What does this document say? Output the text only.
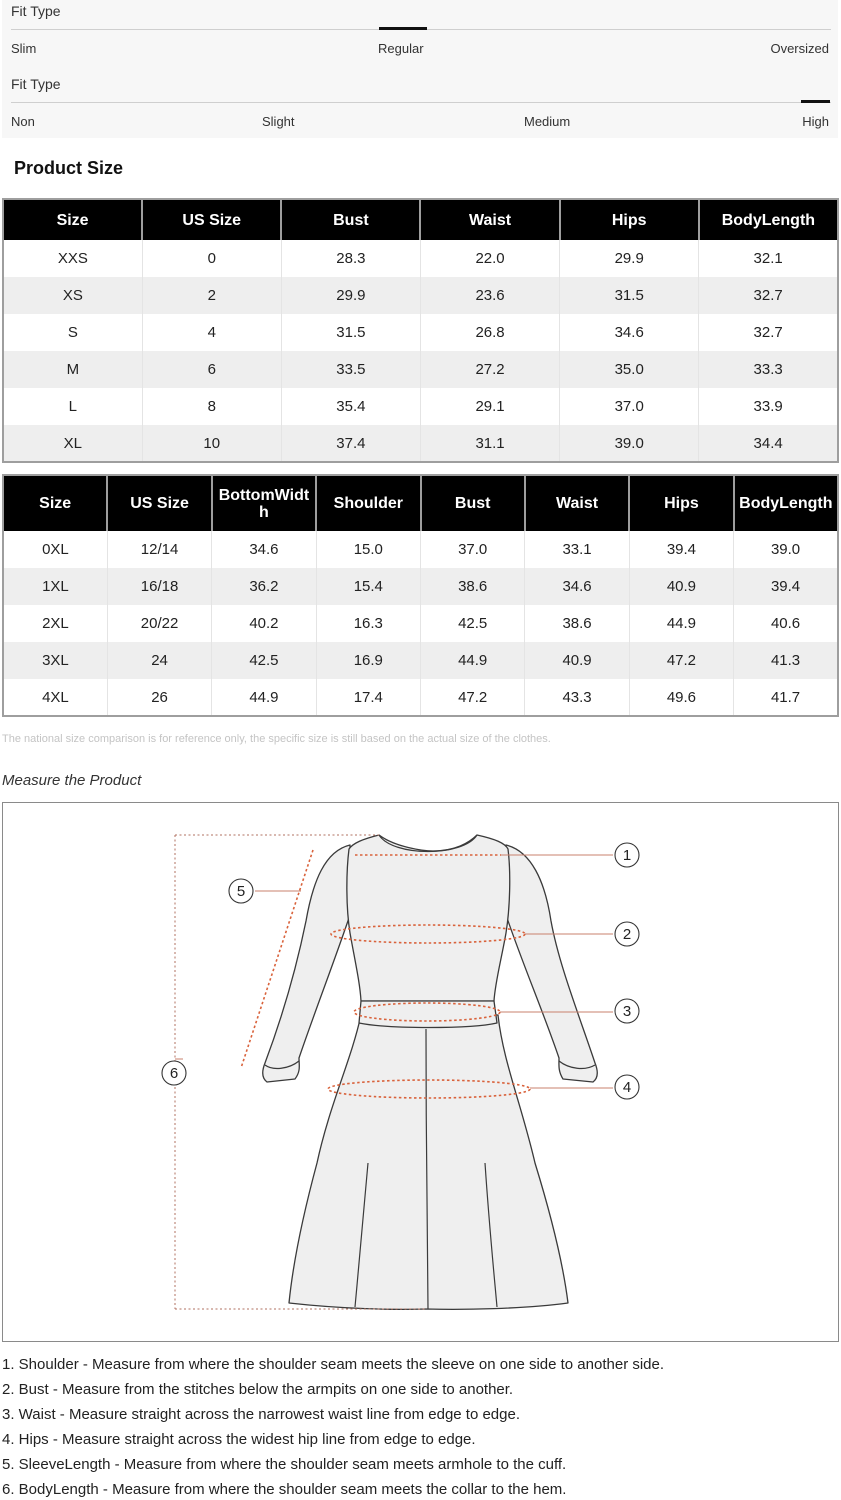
Fit Type
Slim	Regular	Oversized
Fit Type
Non	Slight	Medium	High
Product Size
Size	US Size	Bust	Waist	Hips	BodyLength
XXS	0	28.3	22.0	29.9	32.1
XS	2	29.9	23.6	31.5	32.7
S	4	31.5	26.8	34.6	32.7
M	6	33.5	27.2	35.0	33.3
L	8	35.4	29.1	37.0	33.9
XL	10	37.4	31.1	39.0	34.4
Size	US Size	BottomWidth	Shoulder	Bust	Waist	Hips	BodyLength
0XL	12/14	34.6	15.0	37.0	33.1	39.4	39.0
1XL	16/18	36.2	15.4	38.6	34.6	40.9	39.4
2XL	20/22	40.2	16.3	42.5	38.6	44.9	40.6
3XL	24	42.5	16.9	44.9	40.9	47.2	41.3
4XL	26	44.9	17.4	47.2	43.3	49.6	41.7
The national size comparison is for reference only, the specific size is still based on the actual size of the clothes.
Measure the Product
1
2
3
4
5
6
1. Shoulder - Measure from where the shoulder seam meets the sleeve on one side to another side.
2. Bust - Measure from the stitches below the armpits on one side to another.
3. Waist - Measure straight across the narrowest waist line from edge to edge.
4. Hips - Measure straight across the widest hip line from edge to edge.
5. SleeveLength - Measure from where the shoulder seam meets armhole to the cuff.
6. BodyLength - Measure from where the shoulder seam meets the collar to the hem.
